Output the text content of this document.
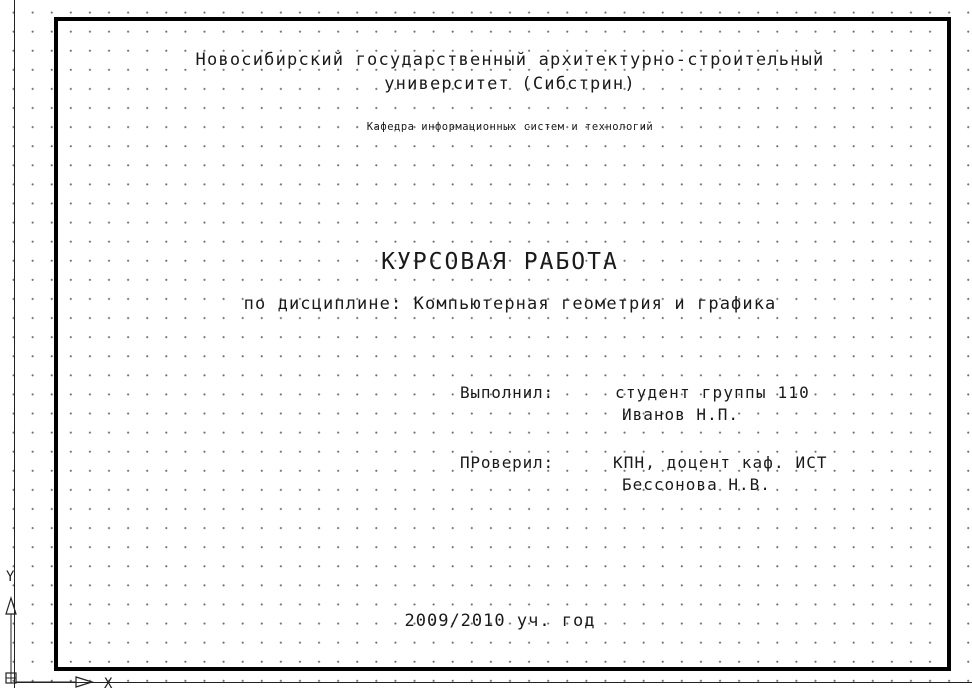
Новосибирский государственный архитектурно-строительный
университет (Сибстрин)
Кафедра информационных систем и технологий
КУРСОВАЯ РАБОТА
по дисциплине: Компьютерная геометрия и графика
Выполнил:	студент группы 110
Иванов Н.П.
ПРоверил:	КПН, доцент каф. ИСТ
Бессонова Н.В.
2009/2010 уч. год
Y
X
